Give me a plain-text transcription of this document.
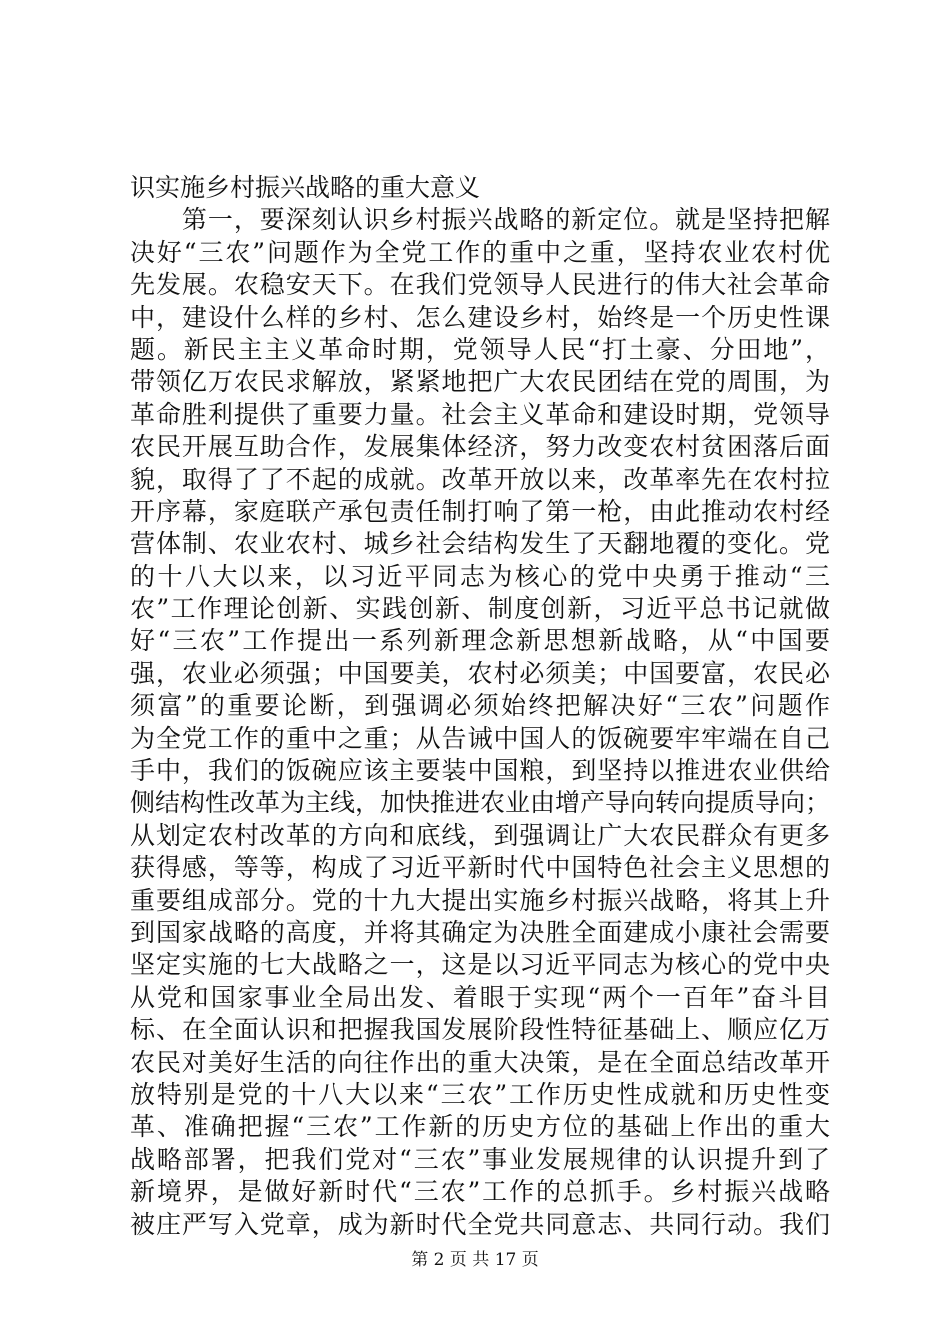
识实施乡村振兴战略的重大意义
　　第一，要深刻认识乡村振兴战略的新定位。就是坚持把解
决好“三农”问题作为全党工作的重中之重，坚持农业农村优
先发展。农稳安天下。在我们党领导人民进行的伟大社会革命
中，建设什么样的乡村、怎么建设乡村，始终是一个历史性课
题。新民主主义革命时期，党领导人民“打土豪、分田地”，
带领亿万农民求解放，紧紧地把广大农民团结在党的周围，为
革命胜利提供了重要力量。社会主义革命和建设时期，党领导
农民开展互助合作，发展集体经济，努力改变农村贫困落后面
貌，取得了了不起的成就。改革开放以来，改革率先在农村拉
开序幕，家庭联产承包责任制打响了第一枪，由此推动农村经
营体制、农业农村、城乡社会结构发生了天翻地覆的变化。党
的十八大以来，以习近平同志为核心的党中央勇于推动“三
农”工作理论创新、实践创新、制度创新，习近平总书记就做
好“三农”工作提出一系列新理念新思想新战略，从“中国要
强，农业必须强；中国要美，农村必须美；中国要富，农民必
须富”的重要论断，到强调必须始终把解决好“三农”问题作
为全党工作的重中之重；从告诫中国人的饭碗要牢牢端在自己
手中，我们的饭碗应该主要装中国粮，到坚持以推进农业供给
侧结构性改革为主线，加快推进农业由增产导向转向提质导向；
从划定农村改革的方向和底线，到强调让广大农民群众有更多
获得感，等等，构成了习近平新时代中国特色社会主义思想的
重要组成部分。党的十九大提出实施乡村振兴战略，将其上升
到国家战略的高度，并将其确定为决胜全面建成小康社会需要
坚定实施的七大战略之一，这是以习近平同志为核心的党中央
从党和国家事业全局出发、着眼于实现“两个一百年”奋斗目
标、在全面认识和把握我国发展阶段性特征基础上、顺应亿万
农民对美好生活的向往作出的重大决策，是在全面总结改革开
放特别是党的十八大以来“三农”工作历史性成就和历史性变
革、准确把握“三农”工作新的历史方位的基础上作出的重大
战略部署，把我们党对“三农”事业发展规律的认识提升到了
新境界，是做好新时代“三农”工作的总抓手。乡村振兴战略
被庄严写入党章，成为新时代全党共同意志、共同行动。我们
第 2 页 共 17 页
